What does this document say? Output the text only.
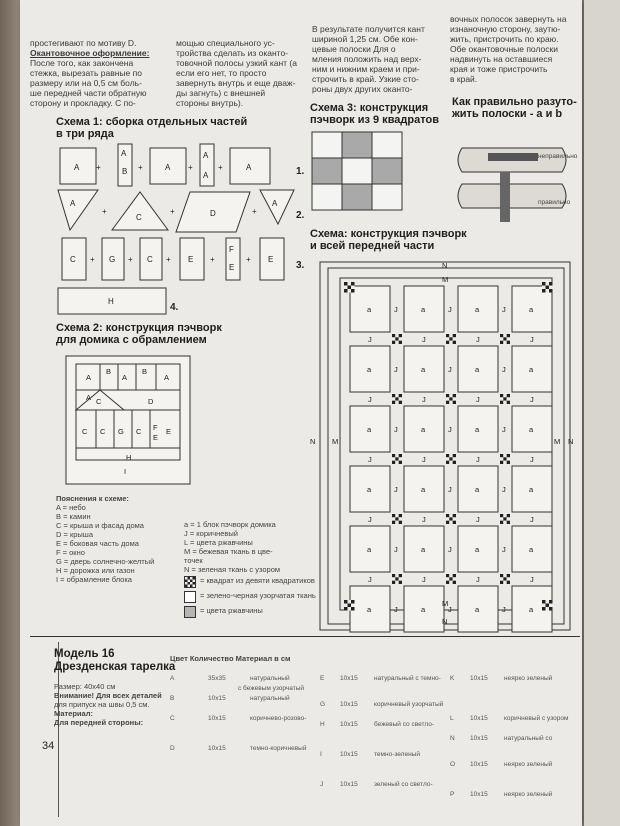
простегивают по мотиву D.
Окантовочное оформление:
После того, как закончена
стежка, вырезать равные по
размеру или на 0,5 см боль-
ше передней части обратную
сторону и прокладку. С по-
мощью специального ус-
тройства сделать из оканто-
товочной полосы узкий кант (а
если его нет, то просто
завернуть внутрь и еще дваж-
ды загнуть) с внешней
стороны внутрь).
В результате получится кант
шириной 1,25 см. Обе кон-
цевые полоски Для о
мления положить над верх-
ним и нижним краем и при-
строчить в край. Узкие сто-
роны двух других оканто-
вочных полосок завернуть на
изнаночную сторону, заутю-
жить, пристрочить по краю.
Обе окантовочные полоски
надвинуть на оставшиеся
края и тоже пристрочить
в край.
Схема 1: сборка отдельных частей
в три ряда
A
A
B	A
A
A
A
A
C	D
A
C	G	C	E
F
E
E
H
+	+	+	+
+	+	+
+	+	+	+	+
1.
2.
3.
4.
Схема 2: конструкция пэчворк
для домика с обрамлением
A
B
A
B
A
C	D
A
C C G C F
E
E
H
I
Пояснения к схеме:
A = небо
B = камин
C = крыша и фасад дома
D = крыша
E = боковая часть дома
F = окно
G = дверь солнечно-желтый
H = дорожка или газон
I = обрамление блока
a = 1 блок пэчворк домика
J = коричневый
L = цвета ржавчины
M = бежевая ткань в цве-
точек
N = зеленая ткань с узором
= квадрат из девяти квадратиков
= зелено-черная узорчатая ткань
= цвета ржавчины
Схема 3: конструкция
пэчворк из 9 квадратов
Как правильно разуто-
жить полоски - a и b
неправильно
правильно
Схема: конструкция пэчворк
и всей передней части
a	J
J
a	J
J
a	J
J
a
J
a	J
J
a	J
J
a	J
J
a
J
a	J
J
a	J
J
a	J
J
a
J
a	J
J
a	J
J
a	J
J
a
J
a	J
J
a	J
J
a	J
J
a
J
a	J	a	J	a	J	a
N
M
N
M
N M	M N
Модель 16
Дрезденская тарелка
Размер: 40x40 см
Внимание! Для всех деталей
для припуск на швы 0,5 см.
Материал:
Для передней стороны:
Цвет Количество Материал в см
A	35x35	натуральный
с бежевым узорчатый
B	10x15	натуральный
C	10x15	коричнево-розово-
D	10x15	темно-коричневый
E 10x15	натуральный с темно-
G 10x15	коричневый узорчатый
H 10x15	бежевый со светло-
I	10x15	темно-зеленый
J	10x15	зеленый со светло-
K 10x15	неярко зеленый
L	10x15	коричневый с узором
N 10x15	натуральный со
O 10x15	неярко зеленый
P 10x15	неярко зеленый
34
